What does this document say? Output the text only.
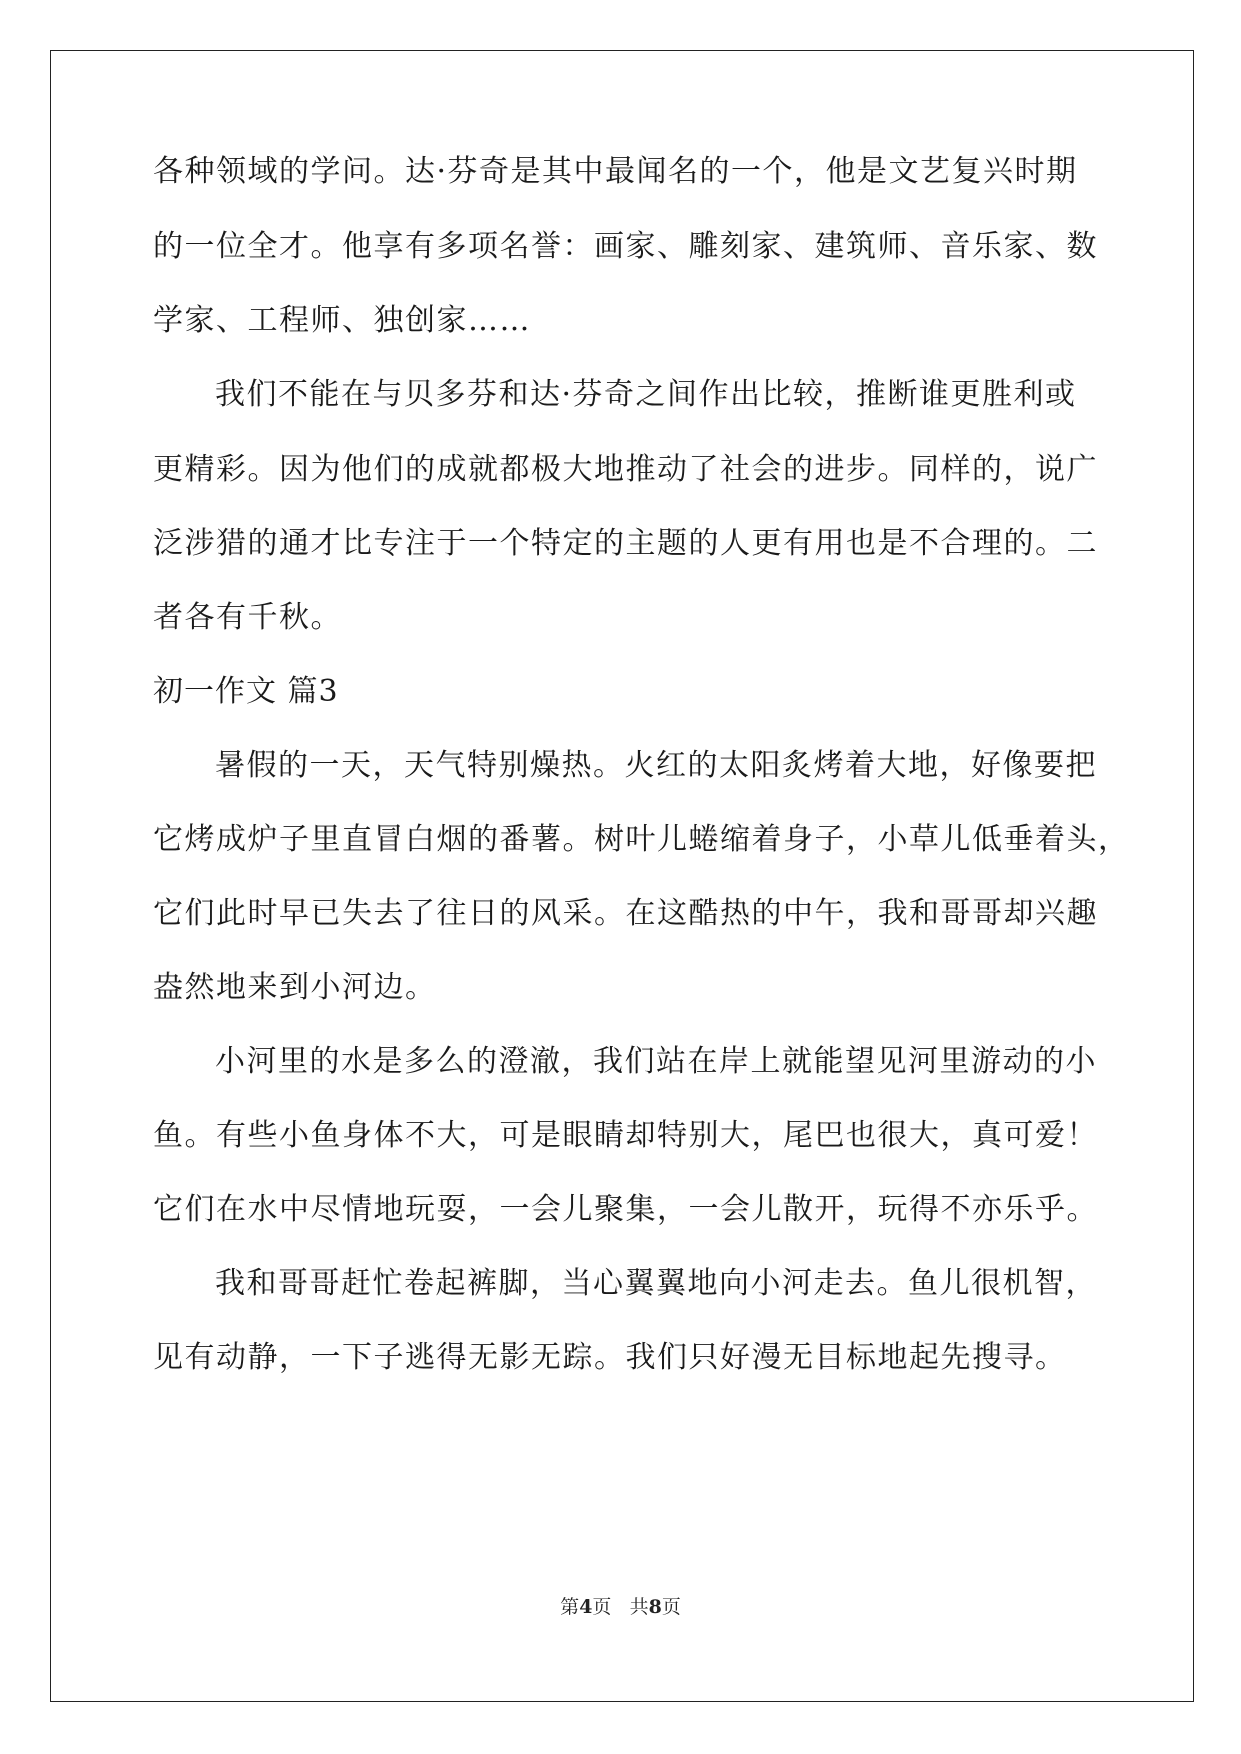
各种领域的学问。达·芬奇是其中最闻名的一个，他是文艺复兴时期
的一位全才。他享有多项名誉：画家、雕刻家、建筑师、音乐家、数
学家、工程师、独创家……
我们不能在与贝多芬和达·芬奇之间作出比较，推断谁更胜利或
更精彩。因为他们的成就都极大地推动了社会的进步。同样的，说广
泛涉猎的通才比专注于一个特定的主题的人更有用也是不合理的。二
者各有千秋。
初一作文 篇3
暑假的一天，天气特别燥热。火红的太阳炙烤着大地，好像要把
它烤成炉子里直冒白烟的番薯。树叶儿蜷缩着身子，小草儿低垂着头，
它们此时早已失去了往日的风采。在这酷热的中午，我和哥哥却兴趣
盎然地来到小河边。
小河里的水是多么的澄澈，我们站在岸上就能望见河里游动的小
鱼。有些小鱼身体不大，可是眼睛却特别大，尾巴也很大，真可爱！
它们在水中尽情地玩耍，一会儿聚集，一会儿散开，玩得不亦乐乎。
我和哥哥赶忙卷起裤脚，当心翼翼地向小河走去。鱼儿很机智，
见有动静，一下子逃得无影无踪。我们只好漫无目标地起先搜寻。
第4页 共8页
